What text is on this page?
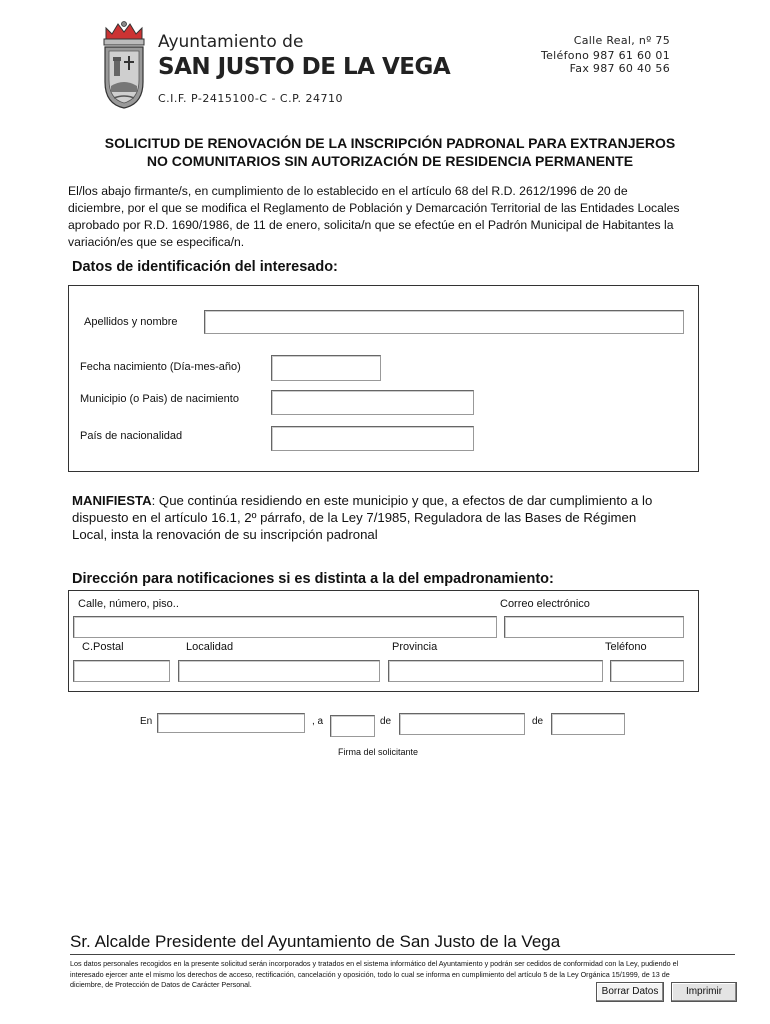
Ayuntamiento de
SAN JUSTO DE LA VEGA
C.I.F. P-2415100-C - C.P. 24710
Calle Real, nº 75
Teléfono 987 61 60 01
Fax 987 60 40 56
SOLICITUD DE RENOVACIÓN DE LA INSCRIPCIÓN PADRONAL PARA EXTRANJEROS
NO COMUNITARIOS SIN AUTORIZACIÓN DE RESIDENCIA PERMANENTE
El/los abajo firmante/s, en cumplimiento de lo establecido en el artículo 68 del R.D. 2612/1996 de 20 de
diciembre, por el que se modifica el Reglamento de Población y Demarcación Territorial de las Entidades Locales
aprobado por R.D. 1690/1986, de 11 de enero, solicita/n que se efectúe en el Padrón Municipal de Habitantes la
variación/es que se especifica/n.
Datos de identificación del interesado:
Apellidos y nombre
Fecha nacimiento (Día-mes-año)
Municipio (o Pais) de nacimiento
País de nacionalidad
MANIFIESTA: Que continúa residiendo en este municipio y que, a efectos de dar cumplimiento a lo
dispuesto en el artículo 16.1, 2º párrafo, de la Ley 7/1985, Reguladora de las Bases de Régimen
Local, insta la renovación de su inscripción padronal
Dirección para notificaciones si es distinta a la del empadronamiento:
Calle, número, piso..	Correo electrónico
C.Postal	Localidad	Provincia	Teléfono
En	, a	de	de
Firma del solicitante
Sr. Alcalde Presidente del Ayuntamiento de San Justo de la Vega
Los datos personales recogidos en la presente solicitud serán incorporados y tratados en el sistema informático del Ayuntamiento y podrán ser cedidos de conformidad con la Ley, pudiendo el
interesado ejercer ante el mismo los derechos de acceso, rectificación, cancelación y oposición, todo lo cual se informa en cumplimiento del artículo 5 de la Ley Orgánica 15/1999, de 13 de
diciembre, de Protección de Datos de Carácter Personal.
Borrar Datos	Imprimir
